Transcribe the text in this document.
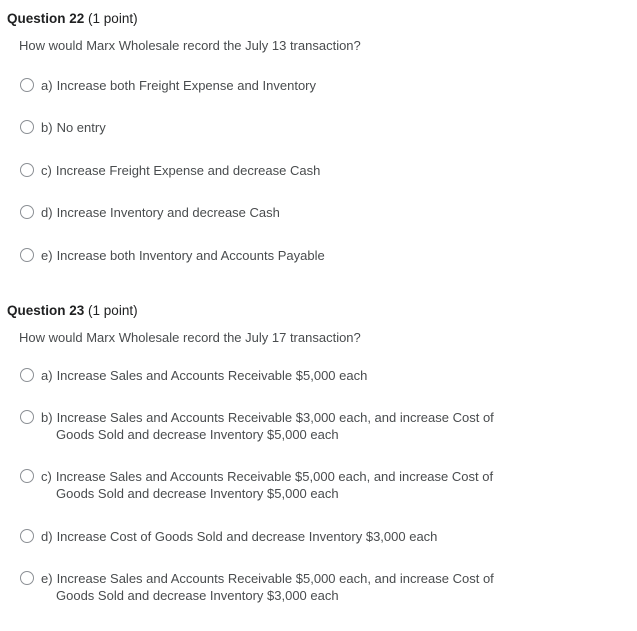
Question 22 (1 point)
How would Marx Wholesale record the July 13 transaction?
a) Increase both Freight Expense and Inventory
b) No entry
c) Increase Freight Expense and decrease Cash
d) Increase Inventory and decrease Cash
e) Increase both Inventory and Accounts Payable
Question 23 (1 point)
How would Marx Wholesale record the July 17 transaction?
a) Increase Sales and Accounts Receivable $5,000 each
b) Increase Sales and Accounts Receivable $3,000 each, and increase Cost of
Goods Sold and decrease Inventory $5,000 each
c) Increase Sales and Accounts Receivable $5,000 each, and increase Cost of
Goods Sold and decrease Inventory $5,000 each
d) Increase Cost of Goods Sold and decrease Inventory $3,000 each
e) Increase Sales and Accounts Receivable $5,000 each, and increase Cost of
Goods Sold and decrease Inventory $3,000 each
